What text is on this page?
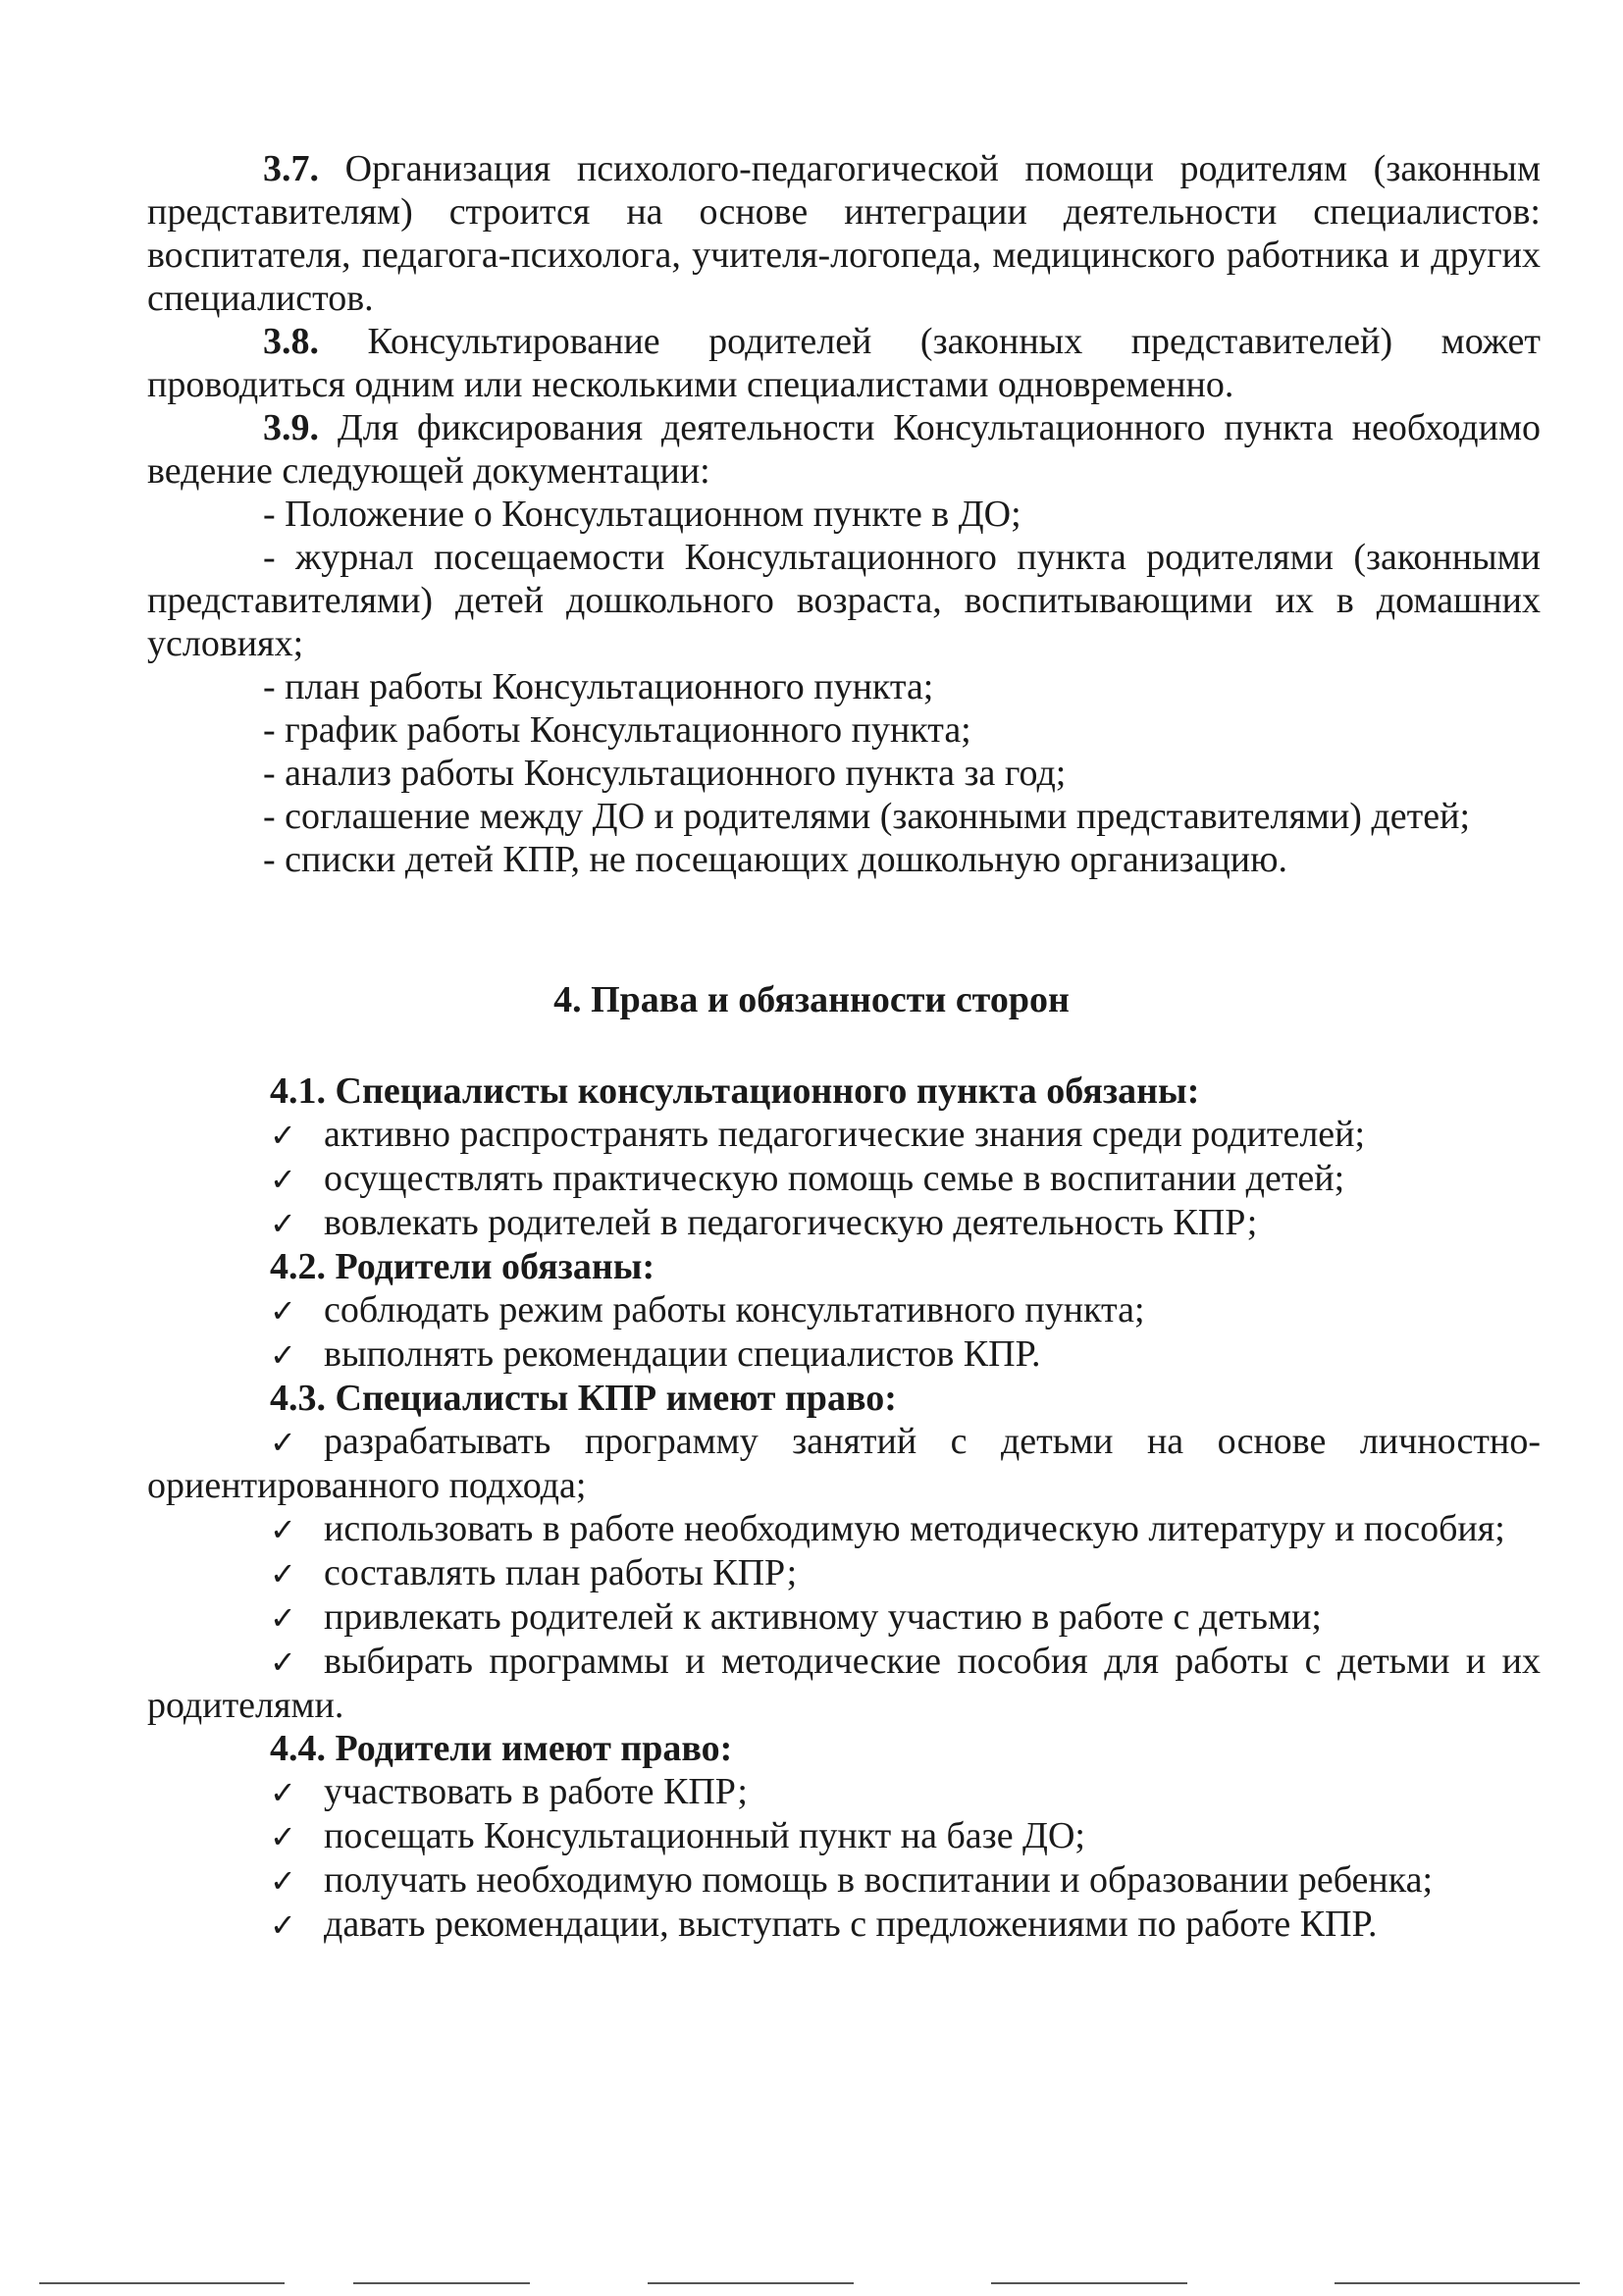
3.7. Организация психолого-педагогической помощи родителям (законным представителям) строится на основе интеграции деятельности специалистов: воспитателя, педагога-психолога, учителя-логопеда, медицинского работника и других специалистов.

3.8. Консультирование родителей (законных представителей) может проводиться одним или несколькими специалистами одновременно.

3.9. Для фиксирования деятельности Консультационного пункта необходимо ведение следующей документации:

- Положение о Консультационном пункте в ДО;

- журнал посещаемости Консультационного пункта родителями (законными представителями) детей дошкольного возраста, воспитывающими их в домашних условиях;

- план работы Консультационного пункта;

- график работы Консультационного пункта;

- анализ работы Консультационного пункта за год;

- соглашение между ДО и родителями (законными представителями) детей;

- списки детей КПР, не посещающих дошкольную организацию.

4. Права и обязанности сторон

4.1. Специалисты консультационного пункта обязаны:

✓ активно распространять педагогические знания среди родителей;
✓ осуществлять практическую помощь семье в воспитании детей;
✓ вовлекать родителей в педагогическую деятельность КПР;

4.2. Родители обязаны:

✓ соблюдать режим работы консультативного пункта;
✓ выполнять рекомендации специалистов КПР.

4.3. Специалисты КПР имеют право:

✓ разрабатывать программу занятий с детьми на основе личностно-ориентированного подхода;

✓ использовать в работе необходимую методическую литературу и пособия;

✓ составлять план работы КПР;
✓ привлекать родителей к активному участию в работе с детьми;

✓ выбирать программы и методические пособия для работы с детьми и их родителями.

4.4. Родители имеют право:

✓ участвовать в работе КПР;
✓ посещать Консультационный пункт на базе ДО;
✓ получать необходимую помощь в воспитании и образовании ребенка;
✓ давать рекомендации, выступать с предложениями по работе КПР.
